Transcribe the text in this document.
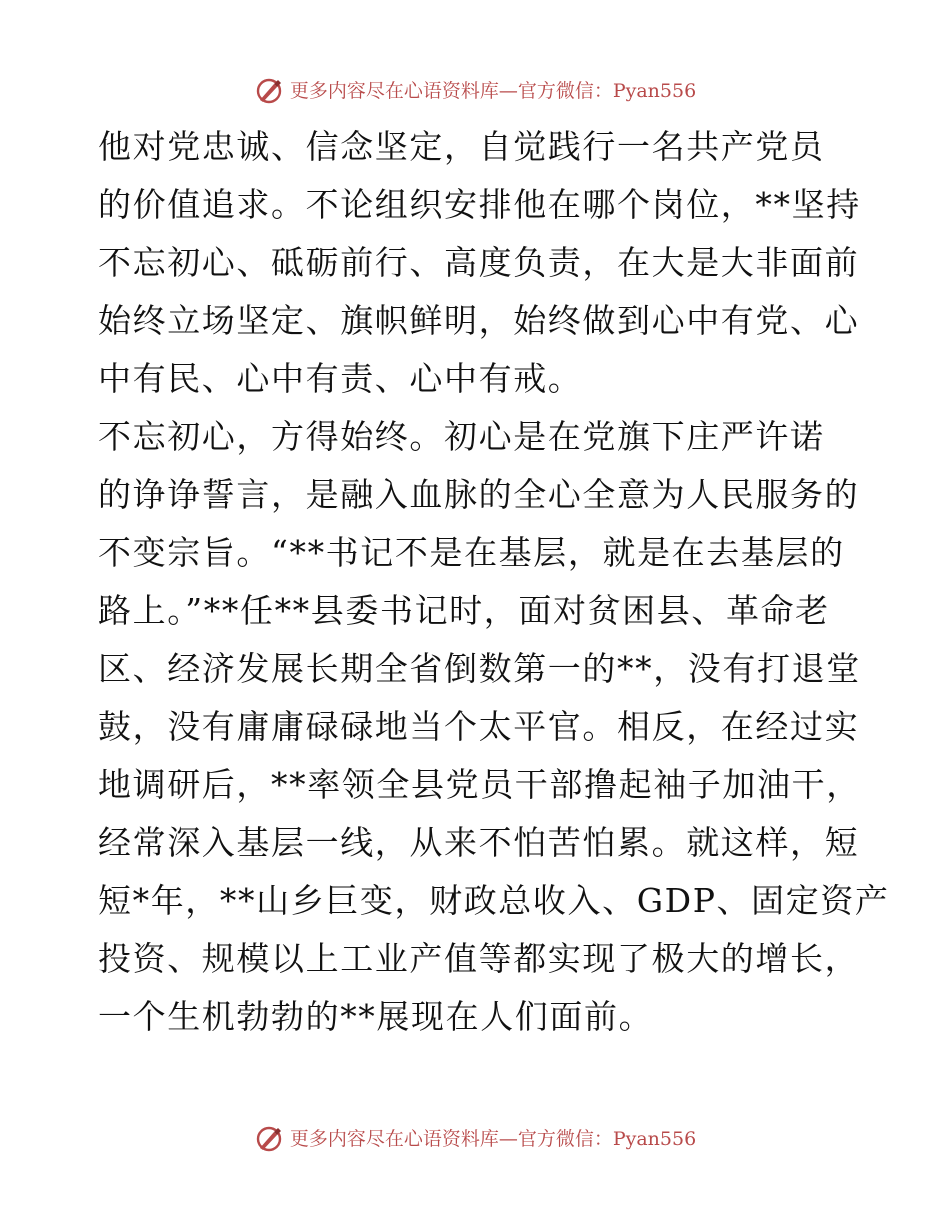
更多内容尽在心语资料库—官方微信：Pyan556

他对党忠诚、信念坚定，自觉践行一名共产党员
的价值追求。不论组织安排他在哪个岗位，**坚持
不忘初心、砥砺前行、高度负责，在大是大非面前
始终立场坚定、旗帜鲜明，始终做到心中有党、心
中有民、心中有责、心中有戒。

不忘初心，方得始终。初心是在党旗下庄严许诺
的诤诤誓言，是融入血脉的全心全意为人民服务的
不变宗旨。“**书记不是在基层，就是在去基层的
路上。”**任**县委书记时，面对贫困县、革命老
区、经济发展长期全省倒数第一的**，没有打退堂
鼓，没有庸庸碌碌地当个太平官。相反，在经过实
地调研后，**率领全县党员干部撸起袖子加油干，
经常深入基层一线，从来不怕苦怕累。就这样，短
短*年，**山乡巨变，财政总收入、GDP、固定资产
投资、规模以上工业产值等都实现了极大的增长，
一个生机勃勃的**展现在人们面前。

更多内容尽在心语资料库—官方微信：Pyan556
